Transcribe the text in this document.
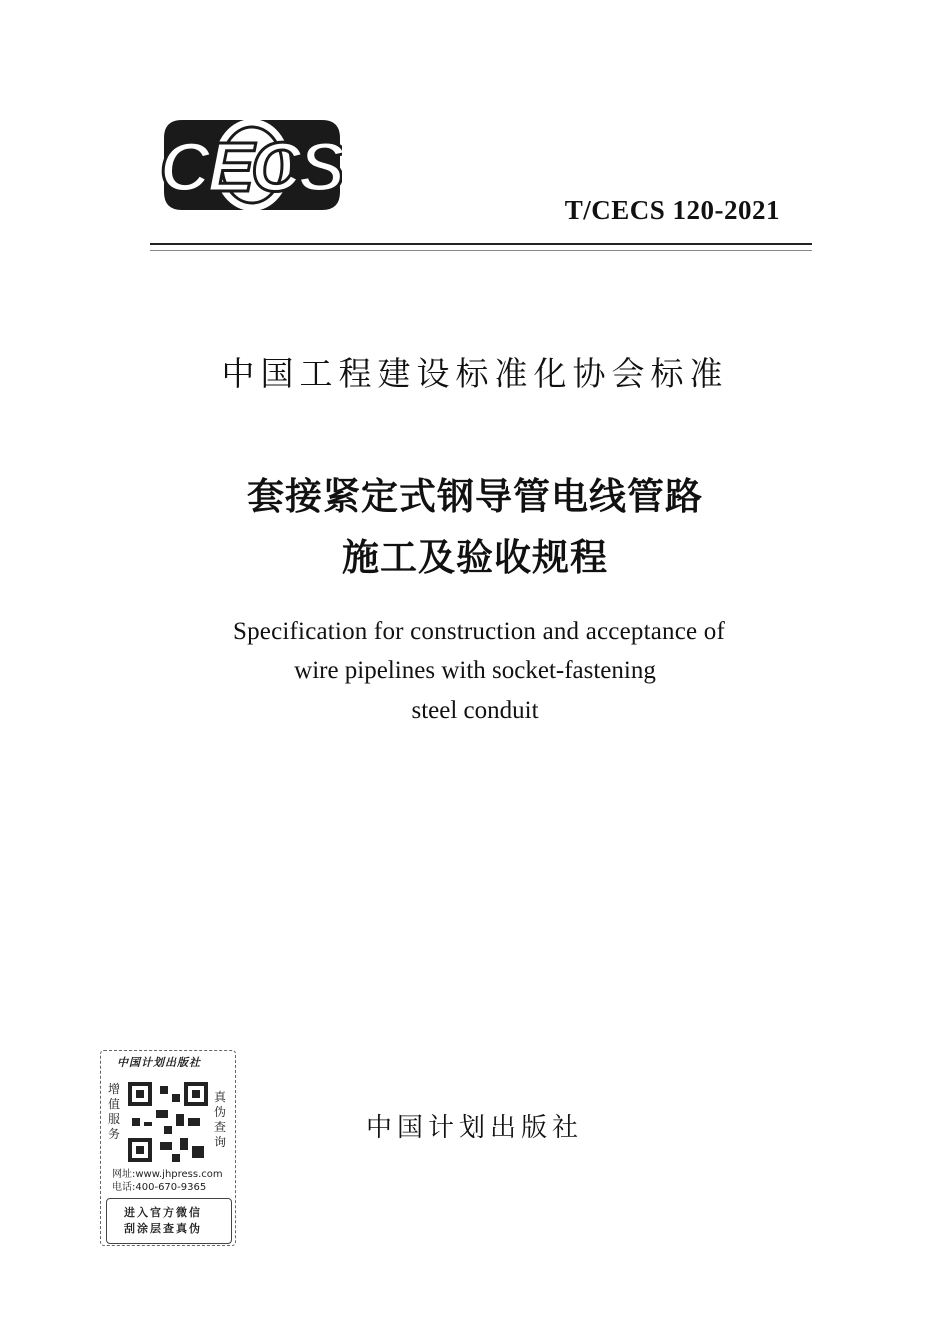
CECS
T/CECS 120-2021
中国工程建设标准化协会标准
套接紧定式钢导管电线管路
施工及验收规程
Specification for construction and acceptance of
wire pipelines with socket-fastening
steel conduit
中国计划出版社
中国计划出版社
增值服务
真伪查询
网址:www.jhpress.com
电话:400-670-9365
进入官方微信
刮涂层查真伪
